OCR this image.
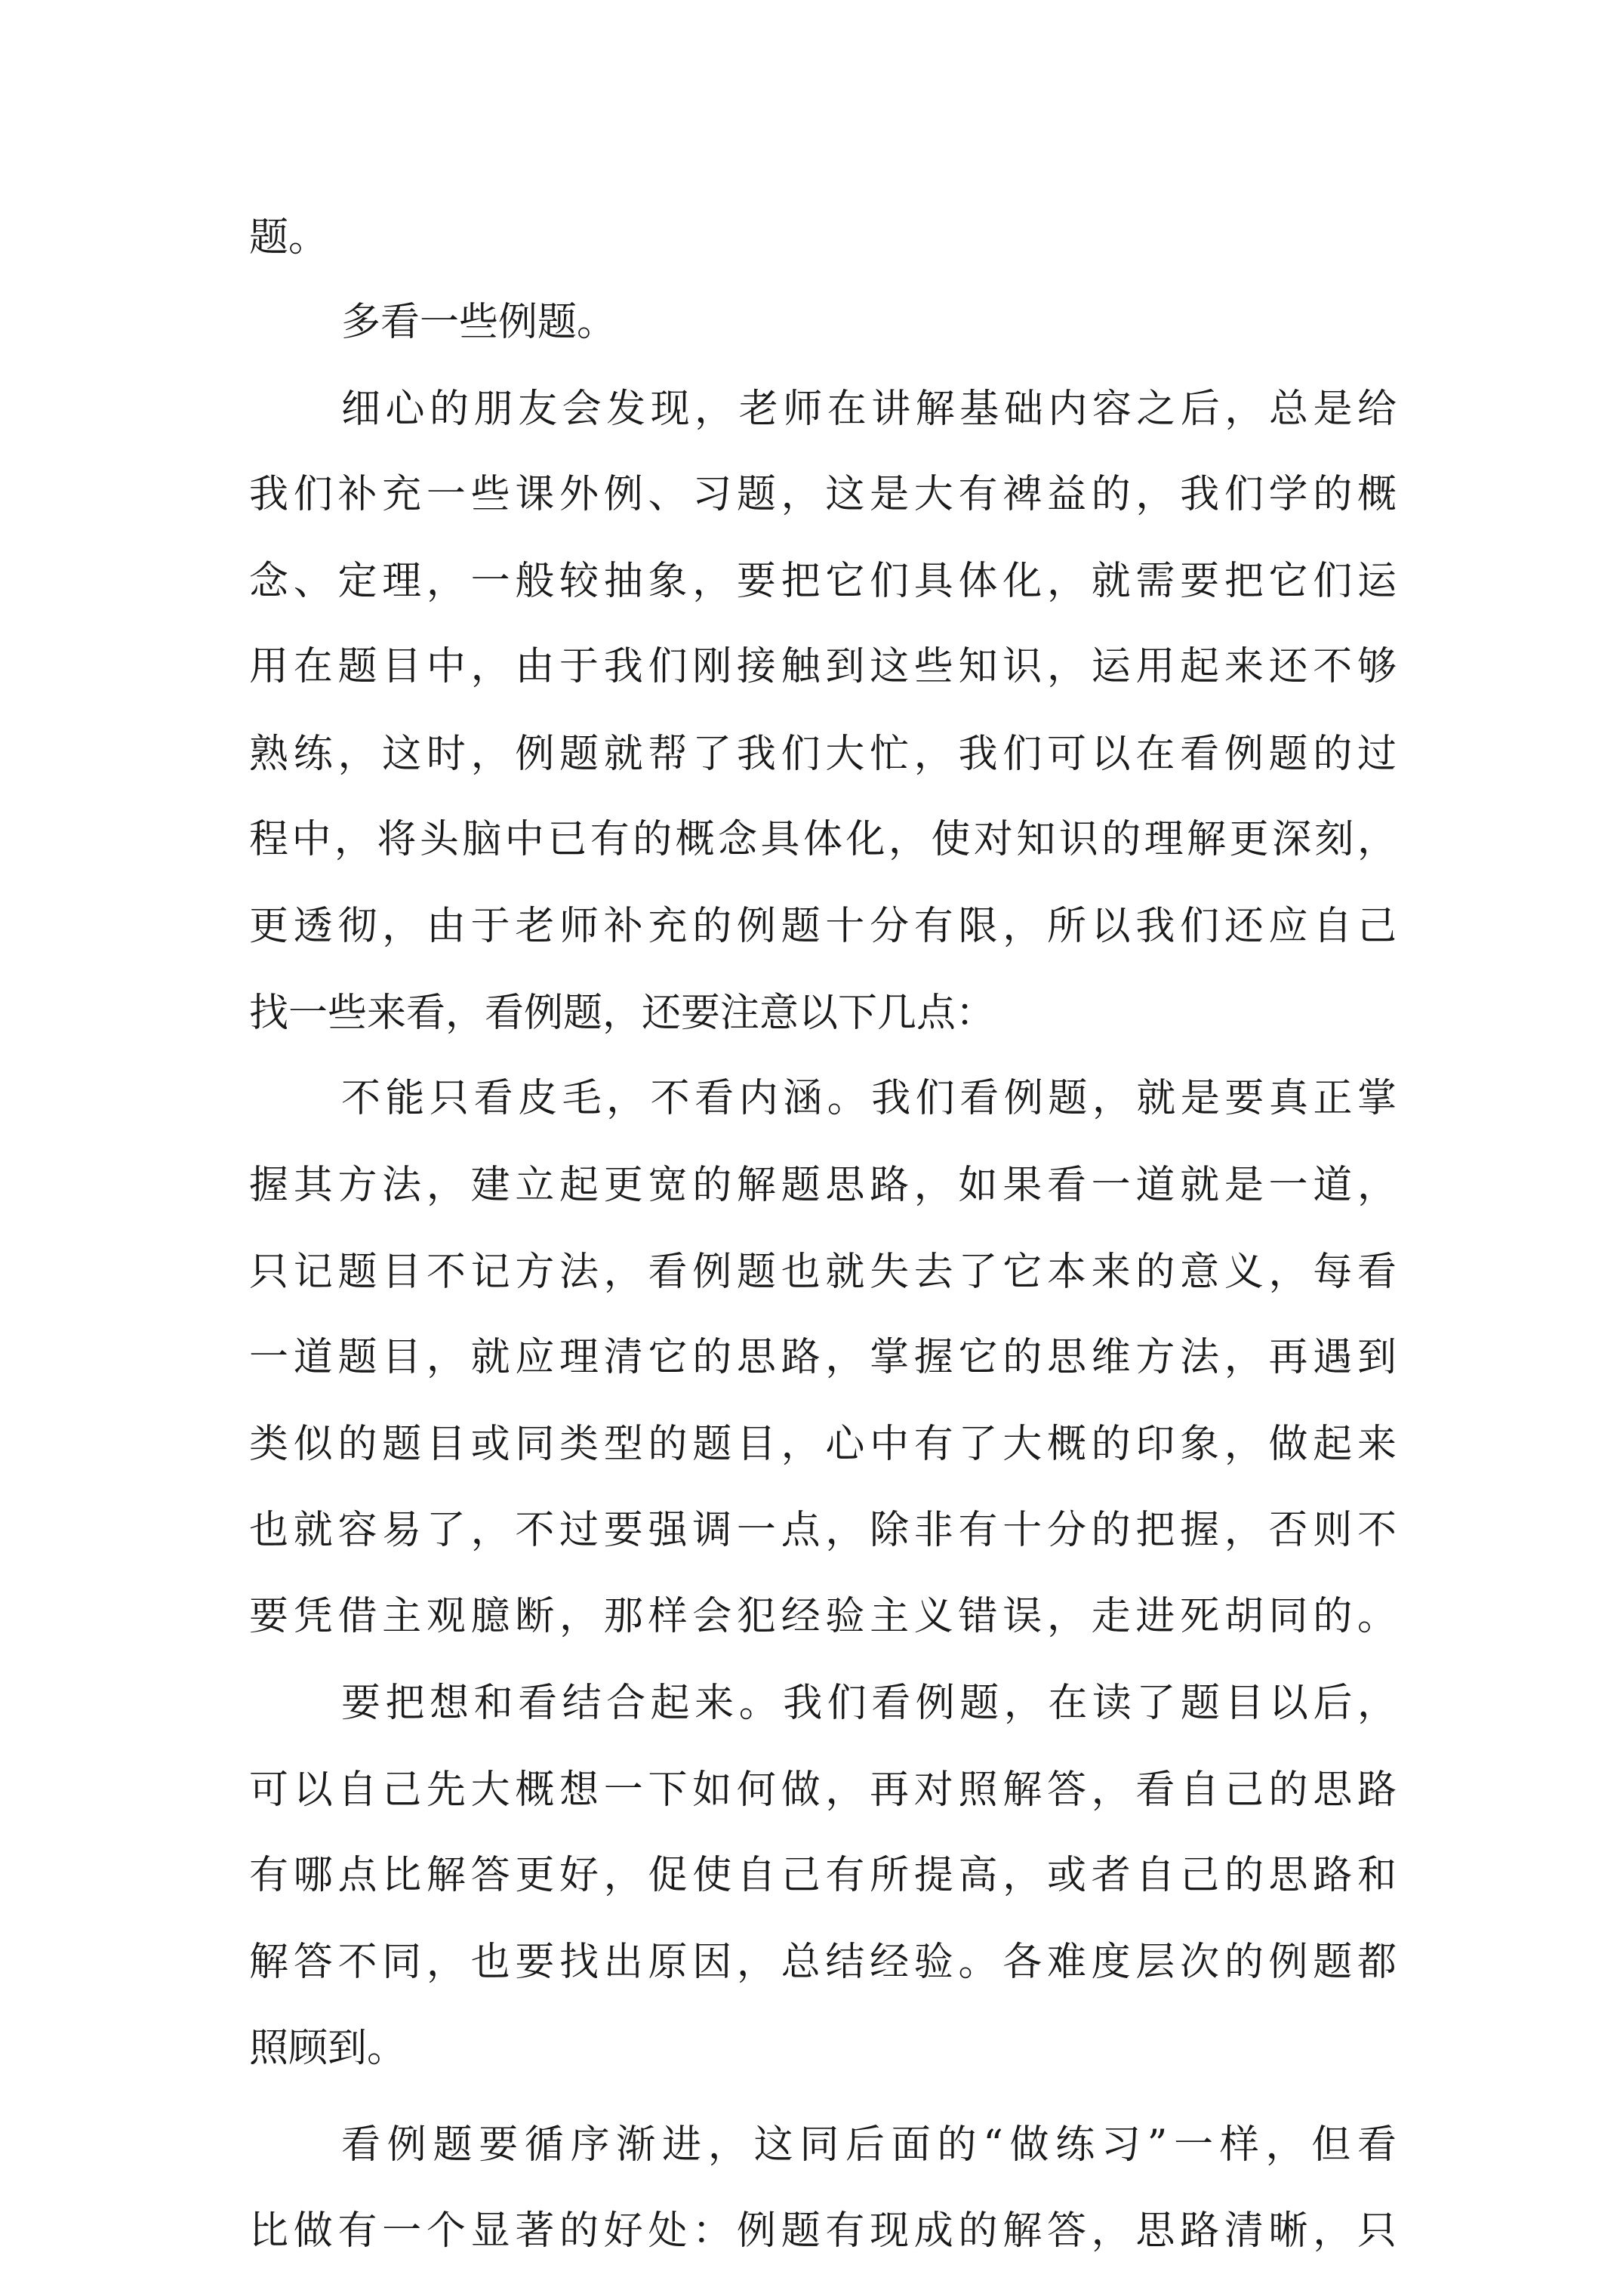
题。
多看一些例题。
细心的朋友会发现，老师在讲解基础内容之后，总是给
我们补充一些课外例、习题，这是大有裨益的，我们学的概
念、定理，一般较抽象，要把它们具体化，就需要把它们运
用在题目中，由于我们刚接触到这些知识，运用起来还不够
熟练，这时，例题就帮了我们大忙，我们可以在看例题的过
程中，将头脑中已有的概念具体化，使对知识的理解更深刻，
更透彻，由于老师补充的例题十分有限，所以我们还应自己
找一些来看，看例题，还要注意以下几点：
不能只看皮毛，不看内涵。我们看例题，就是要真正掌
握其方法，建立起更宽的解题思路，如果看一道就是一道，
只记题目不记方法，看例题也就失去了它本来的意义，每看
一道题目，就应理清它的思路，掌握它的思维方法，再遇到
类似的题目或同类型的题目，心中有了大概的印象，做起来
也就容易了，不过要强调一点，除非有十分的把握，否则不
要凭借主观臆断，那样会犯经验主义错误，走进死胡同的。
要把想和看结合起来。我们看例题，在读了题目以后，
可以自己先大概想一下如何做，再对照解答，看自己的思路
有哪点比解答更好，促使自己有所提高，或者自己的思路和
解答不同，也要找出原因，总结经验。各难度层次的例题都
照顾到。
看例题要循序渐进，这同后面的“做练习”一样，但看
比做有一个显著的好处：例题有现成的解答，思路清晰，只
